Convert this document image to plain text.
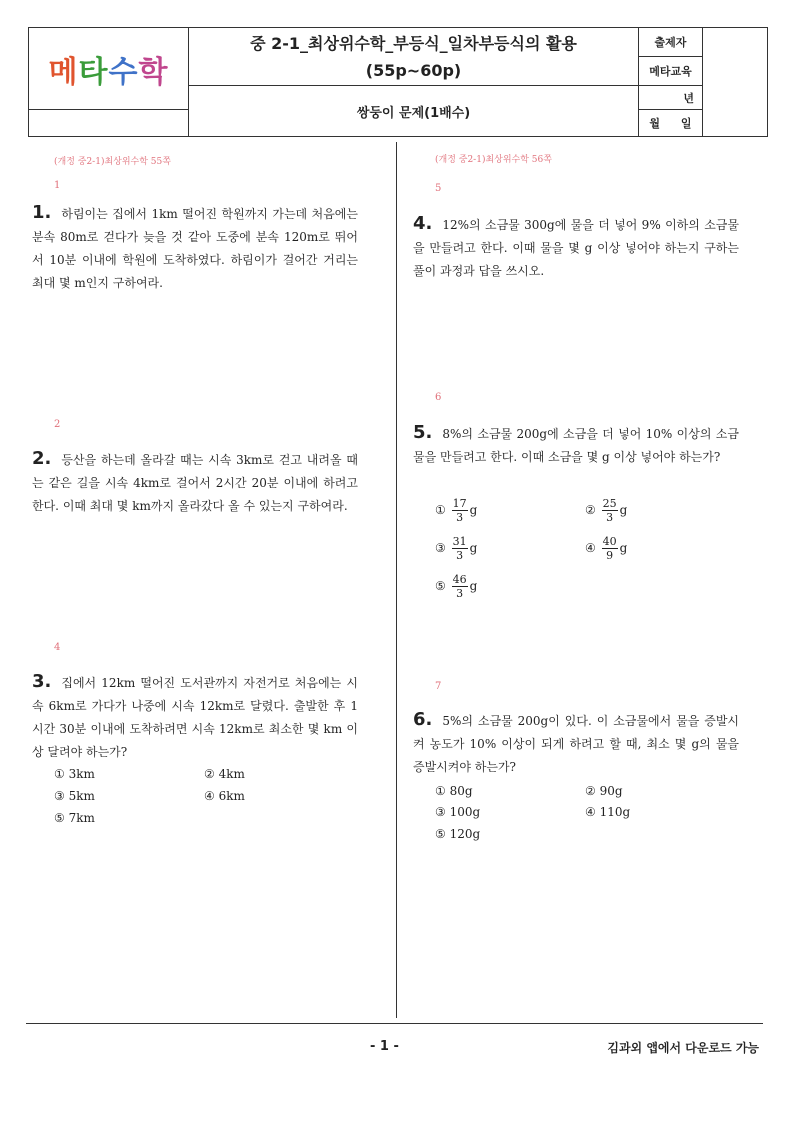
메타수학
중 2-1_최상위수학_부등식_일차부등식의 활용
(55p~60p)
쌍둥이 문제(1배수)
출제자
메타교육
년
월 일
(개정 중2-1)최상위수학 55쪽
1
1. 하림이는 집에서 1km 떨어진 학원까지 가는데 처음에는 분속 80m로 걷다가 늦을 것 같아 도중에 분속 120m로 뛰어서 10분 이내에 학원에 도착하였다. 하림이가 걸어간 거리는 최대 몇 m인지 구하여라.
2
2. 등산을 하는데 올라갈 때는 시속 3km로 걷고 내려올 때는 같은 길을 시속 4km로 걸어서 2시간 20분 이내에 하려고 한다. 이때 최대 몇 km까지 올라갔다 올 수 있는지 구하여라.
4
3. 집에서 12km 떨어진 도서관까지 자전거로 처음에는 시속 6km로 가다가 나중에 시속 12km로 달렸다. 출발한 후 1시간 30분 이내에 도착하려면 시속 12km로 최소한 몇 km 이상 달려야 하는가?
① 3km	② 4km
③ 5km	④ 6km
⑤ 7km
(개정 중2-1)최상위수학 56쪽
5
4. 12%의 소금물 300g에 물을 더 넣어 9% 이하의 소금물을 만들려고 한다. 이때 물을 몇 g 이상 넣어야 하는지 구하는 풀이 과정과 답을 쓰시오.
6
5. 8%의 소금물 200g에 소금을 더 넣어 10% 이상의 소금물을 만들려고 한다. 이때 소금을 몇 g 이상 넣어야 하는가?
① $\frac{17}{3}$ g	② $\frac{25}{3}$ g
③ $\frac{31}{3}$ g	④ $\frac{40}{9}$ g
⑤ $\frac{46}{3}$ g
7
6. 5%의 소금물 200g이 있다. 이 소금물에서 물을 증발시켜 농도가 10% 이상이 되게 하려고 할 때, 최소 몇 g의 물을 증발시켜야 하는가?
① 80g	② 90g
③ 100g	④ 110g
⑤ 120g
- 1 -	김과외 앱에서 다운로드 가능
